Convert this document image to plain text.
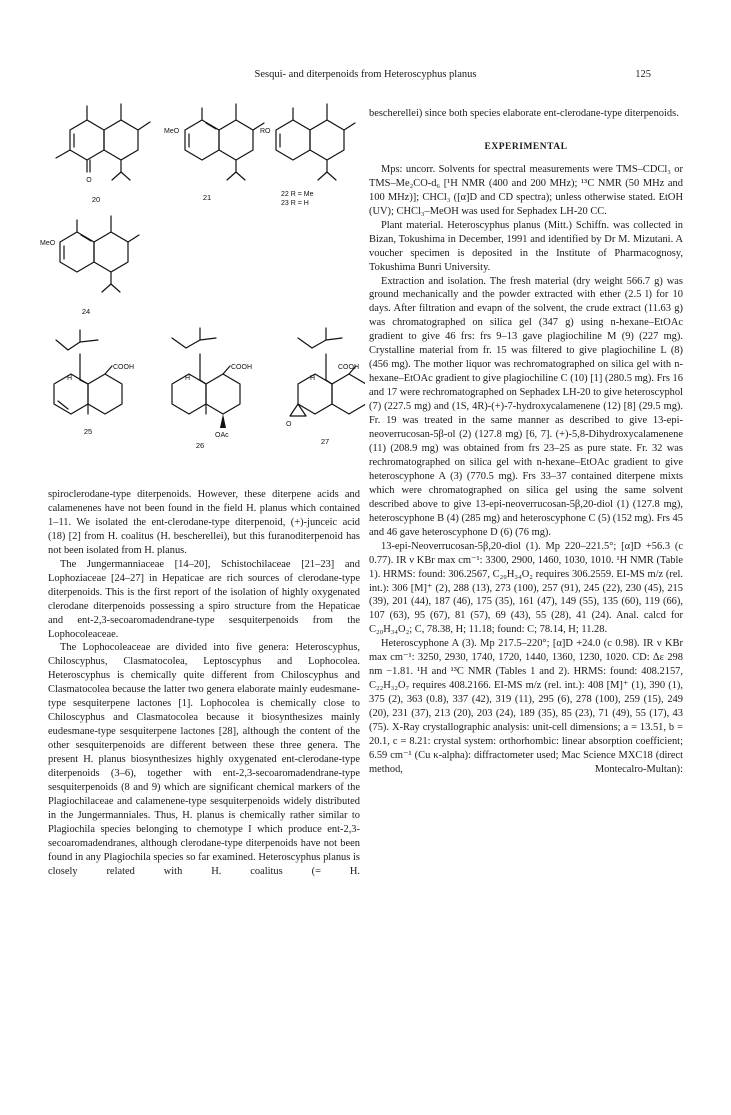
Sesqui- and diterpenoids from Heteroscyphus planus	125
O
20
MeO
21
RO
22 R = Me
23 R = H
MeO
24
H
COOH
25
H
COOH
OAc
26
H
COOH
O
27

spiroclerodane-type diterpenoids. However, these diterpene acids and calamenenes have not been found in the field H. planus which contained 1–11. We isolated the ent-clerodane-type diterpenoid, (+)-junceic acid (18) [2] from H. coalitus (H. bescherellei), but this furanoditerpenoid has not been isolated from H. planus.

The Jungermanniaceae [14–20], Schistochilaceae [21–23] and Lophoziaceae [24–27] in Hepaticae are rich sources of clerodane-type diterpenoids. This is the first report of the isolation of highly oxygenated clerodane diterpenoids possessing a spiro structure from the Hepaticae and ent-2,3-secoaromadendrane-type sesquiterpenoids from the Lophocoleaceae.

The Lophocoleaceae are divided into five genera: Heteroscyphus, Chiloscyphus, Clasmatocolea, Leptoscyphus and Lophocolea. Heteroscyphus is chemically quite different from Chiloscyphus and Clasmatocolea because the latter two genera elaborate mainly eudesmane-type sesquiterpene lactones [1]. Lophocolea is chemically close to Chiloscyphus and Clasmatocolea because it biosynthesizes mainly eudesmane-type sesquiterpene lactones [28], although the content of the other sesquiterpenoids are different between these three genera. The present H. planus biosynthesizes highly oxygenated ent-clerodane-type diterpenoids (3–6), together with ent-2,3-secoaromadendrane-type sesquiterpenoids (8 and 9) which are significant chemical markers of the Plagiochilaceae and calamenene-type sesquiterpenoids widely distributed in the Jungermanniales. Thus, H. planus is chemically rather similar to Plagiochila species belonging to chemotype I which produce ent-2,3-secoaromadendranes, although clerodane-type diterpenoids have not been found in any Plagiochila species so far examined. Heteroscyphus planus is closely related with H. coalitus (= H.

bescherellei) since both species elaborate ent-clerodane-type diterpenoids.

EXPERIMENTAL

Mps: uncorr. Solvents for spectral measurements were TMS–CDCl₃ or TMS–Me₂CO-d₆ [¹H NMR (400 and 200 MHz); ¹³C NMR (50 MHz and 100 MHz)]; CHCl₃ ([α]D and CD spectra); unless otherwise stated. EtOH (UV); CHCl₃–MeOH was used for Sephadex LH-20 CC.

Plant material. Heteroscyphus planus (Mitt.) Schiffn. was collected in Bizan, Tokushima in December, 1991 and identified by Dr M. Mizutani. A voucher specimen is deposited in the Institute of Pharmacognosy, Tokushima Bunri University.

Extraction and isolation. The fresh material (dry weight 566.7 g) was ground mechanically and the powder extracted with ether (2.5 l) for 10 days. After filtration and evapn of the solvent, the crude extract (11.63 g) was chromatographed on silica gel (347 g) using n-hexane–EtOAc gradient to give 46 frs: frs 9–13 gave plagiochiline M (9) (227 mg). Crystalline material from fr. 15 was filtered to give plagiochiline L (8) (456 mg). The mother liquor was rechromatographed on silica gel with n-hexane–EtOAc gradient to give plagiochiline C (10) [1] (280.5 mg). Frs 16 and 17 were rechromatographed on Sephadex LH-20 to give heteroscyphol (7) (227.5 mg) and (1S, 4R)-(+)-7-hydroxycalamenene (12) [8] (29.5 mg). Fr. 19 was treated in the same manner as described to give 13-epi-neoverrucosan-5β-ol (2) (127.8 mg) [6, 7]. (+)-5,8-Dihydroxycalamenene (11) (208.9 mg) was obtained from frs 23–25 as pure state. Fr. 32 was rechromatographed on silica gel with n-hexane–EtOAc gradient to give heteroscyphone A (3) (770.5 mg). Frs 33–37 contained diterpene mixts which were chromatographed on silica gel using the same solvent described above to give 13-epi-neoverrucosan-5β,20-diol (1) (127.8 mg), heteroscyphone B (4) (285 mg) and heteroscyphone C (5) (152 mg). Frs 45 and 46 gave heteroscyphone D (6) (76 mg).

13-epi-Neoverrucosan-5β,20-diol (1). Mp 220–221.5°; [α]D +56.3 (c 0.77). IR ν KBr max cm⁻¹: 3300, 2900, 1460, 1030, 1010. ¹H NMR (Table 1). HRMS: found: 306.2567, C₂₀H₃₄O₂ requires 306.2559. EI-MS m/z (rel. int.): 306 [M]⁺ (2), 288 (13), 273 (100), 257 (91), 245 (22), 230 (45), 215 (39), 201 (44), 187 (46), 175 (35), 161 (47), 149 (55), 135 (60), 119 (66), 107 (63), 95 (67), 81 (57), 69 (43), 55 (28), 41 (24). Anal. calcd for C₂₀H₃₄O₂; C, 78.38, H; 11.18; found: C; 78.14, H; 11.28.

Heteroscyphone A (3). Mp 217.5–220°; [α]D +24.0 (c 0.98). IR ν KBr max cm⁻¹: 3250, 2930, 1740, 1720, 1440, 1360, 1230, 1020. CD: Δε 298 nm −1.81. ¹H and ¹³C NMR (Tables 1 and 2). HRMS: found: 408.2157, C₂₂H₃₂O₇ requires 408.2166. EI-MS m/z (rel. int.): 408 [M]⁺ (1), 390 (1), 375 (2), 363 (0.8), 337 (42), 319 (11), 295 (6), 278 (100), 259 (15), 249 (20), 231 (37), 213 (20), 203 (24), 189 (35), 85 (23), 71 (49), 55 (17), 43 (75). X-Ray crystallographic analysis: unit-cell dimensions; a = 13.51, b = 20.1, c = 8.21: crystal system: orthorhombic: linear absorption coefficient; 6.59 cm⁻¹ (Cu κ-alpha): diffractometer used; Mac Science MXC18 (direct method, Montecalro-Multan):
